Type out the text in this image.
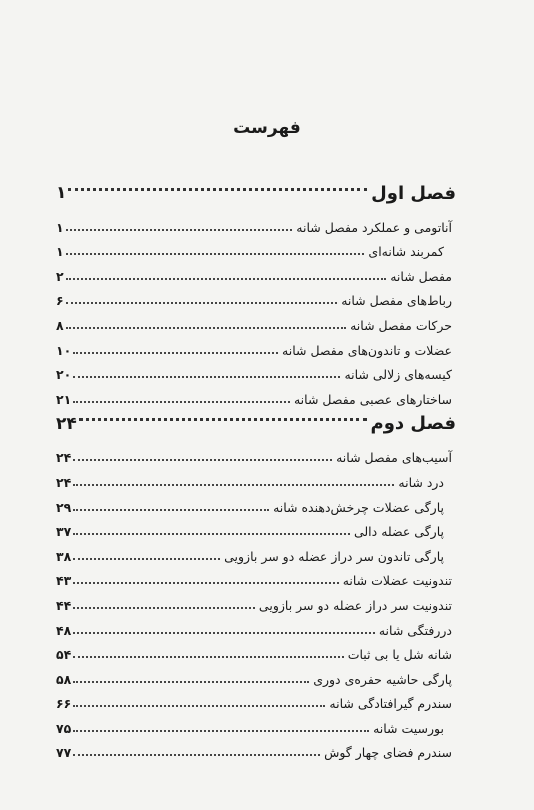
فهرست
فصل اول
۱
آناتومی و عملکرد مفصل شانه
۱
کمربند شانه‌ای
۱
مفصل شانه
۲
رباط‌های مفصل شانه
۶
حرکات مفصل شانه
۸
عضلات و تاندون‌های مفصل شانه
۱۰
کیسه‌های زلالی شانه
۲۰
ساختارهای عصبی مفصل شانه
۲۱
فصل دوم
۲۴
آسیب‌های مفصل شانه
۲۴
درد شانه
۲۴
پارگی عضلات چرخش‌دهنده شانه
۲۹
پارگی عضله دالی
۳۷
پارگی تاندون سر دراز عضله دو سر بازویی
۳۸
تندونیت عضلات شانه
۴۳
تندونیت سر دراز عضله دو سر بازویی
۴۴
دررفتگی شانه
۴۸
شانه شل یا بی ثبات
۵۴
پارگی حاشیه حفره‌ی دوری
۵۸
سندرم گیرافتادگی شانه
۶۶
بورسیت شانه
۷۵
سندرم فضای چهار گوش
۷۷
